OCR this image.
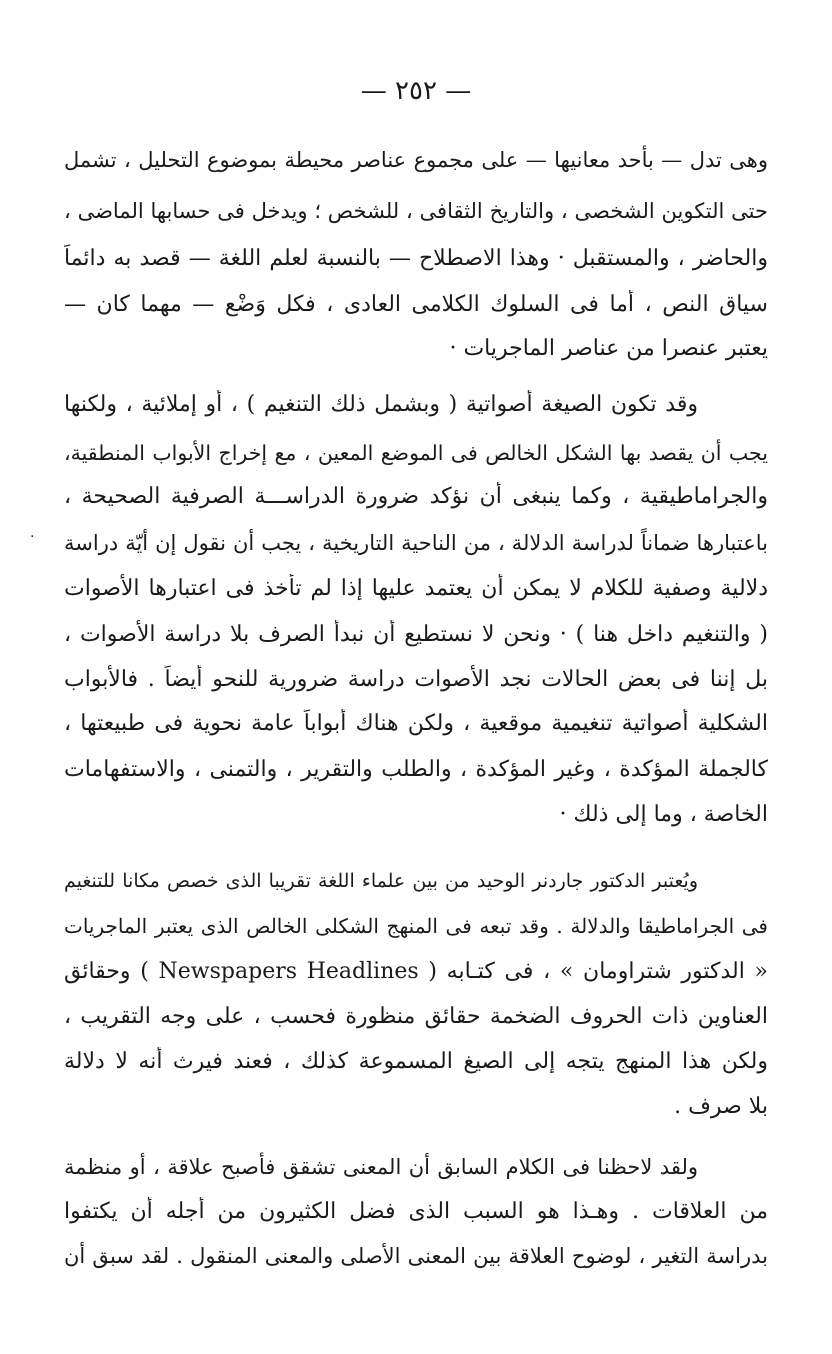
— ٢٥٢ —
وهى تدل — بأحد معانيها — على مجموع عناصر محيطة بموضوع التحليل ، تشمل
حتى التكوين الشخصى ، والتاريخ الثقافى ، للشخص ؛ ويدخل فى حسابها الماضى ،
والحاضر ، والمستقبل · وهذا الاصطلاح — بالنسبة لعلم اللغة — قصد به دائماً
سياق النص ، أما فى السلوك الكلامى العادى ، فكل وَضْع — مهما كان —
يعتبر عنصرا من عناصر الماجريات ·
وقد تكون الصيغة أصواتية ( وبشمل ذلك التنغيم ) ، أو إملائية ، ولكنها
يجب أن يقصد بها الشكل الخالص فى الموضع المعين ، مع إخراج الأبواب المنطقية،
والجراماطيقية ، وكما ينبغى أن نؤكد ضرورة الدراســـة الصرفية الصحيحة ،
باعتبارها ضماناً لدراسة الدلالة ، من الناحية التاريخية ، يجب أن نقول إن أيّة دراسة
دلالية وصفية للكلام لا يمكن أن يعتمد عليها إذا لم تأخذ فى اعتبارها الأصوات
( والتنغيم داخل هنا ) · ونحن لا نستطيع أن نبدأ الصرف بلا دراسة الأصوات ،
بل إننا فى بعض الحالات نجد الأصوات دراسة ضرورية للنحو أيضاً . فالأبواب
الشكلية أصواتية تنغيمية موقعية ، ولكن هناك أبواباً عامة نحوية فى طبيعتها ،
كالجملة المؤكدة ، وغير المؤكدة ، والطلب والتقرير ، والتمنى ، والاستفهامات
الخاصة ، وما إلى ذلك ·
·
ويُعتبر الدكتور جاردنر الوحيد من بين علماء اللغة تقريبا الذى خصص مكانا للتنغيم
فى الجراماطيقا والدلالة . وقد تبعه فى المنهج الشكلى الخالص الذى يعتبر الماجريات
« الدكتور شتراومان » ، فى كتـابه ( Newspapers Headlines ) وحقائق
العناوين ذات الحروف الضخمة حقائق منظورة فحسب ، على وجه التقريب ،
ولكن هذا المنهج يتجه إلى الصيغ المسموعة كذلك ، فعند فيرث أنه لا دلالة
بلا صرف .
ولقد لاحظنا فى الكلام السابق أن المعنى تشقق فأصبح علاقة ، أو منظمة
من العلاقات . وهـذا هو السبب الذى فضل الكثيرون من أجله أن يكتفوا
بدراسة التغير ، لوضوح العلاقة بين المعنى الأصلى والمعنى المنقول . لقد سبق أن
